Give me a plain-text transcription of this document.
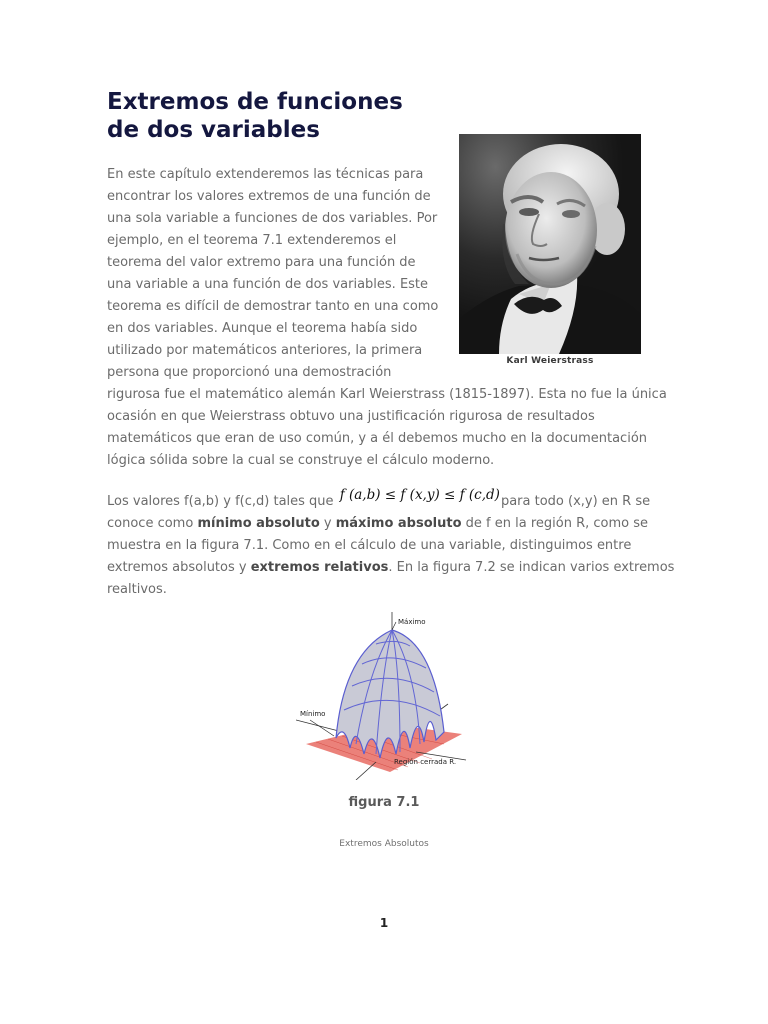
Extremos de funciones
de dos variables
Karl Weierstrass

En este capítulo extenderemos las técnicas para
encontrar los valores extremos de una función de
una sola variable a funciones de dos variables. Por
ejemplo, en el teorema 7.1 extenderemos el
teorema del valor extremo para una función de
una variable a una función de dos variables. Este
teorema es difícil de demostrar tanto en una como
en dos variables. Aunque el teorema había sido
utilizado por matemáticos anteriores, la primera
persona que proporcionó una demostración
rigurosa fue el matemático alemán Karl Weierstrass (1815-1897). Esta no fue la única
ocasión en que Weierstrass obtuvo una justificación rigurosa de resultados
matemáticos que eran de uso común, y a él debemos mucho en la documentación
lógica sólida sobre la cual se construye el cálculo moderno.

Los valores f(a,b) y f(c,d) tales que f (a,b) ≤ f (x,y) ≤ f (c,d)para todo (x,y) en R se
conoce como mínimo absoluto y máximo absoluto de f en la región R, como se
muestra en la figura 7.1. Como en el cálculo de una variable, distinguimos entre
extremos absolutos y extremos relativos. En la figura 7.2 se indican varios extremos
realtivos.

Máximo
Mínimo
Región cerrada R.
figura 7.1
Extremos Absolutos
1
